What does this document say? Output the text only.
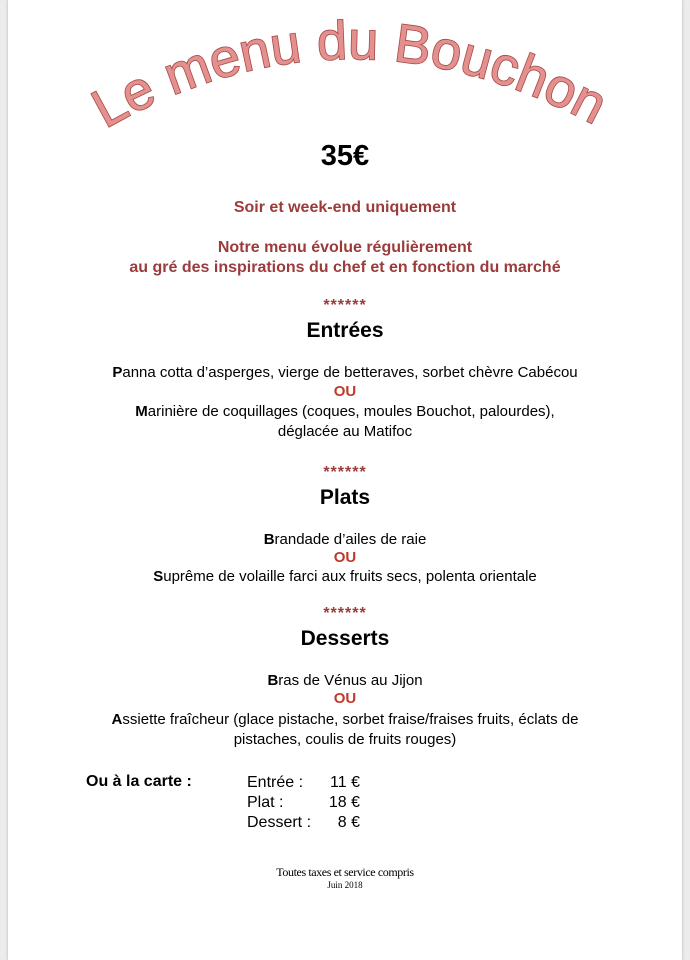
Le menu du Bouchon
35€
Soir et week-end uniquement
Notre menu évolue régulièrement
au gré des inspirations du chef et en fonction du marché
******
Entrées
Panna cotta d’asperges, vierge de betteraves, sorbet chèvre Cabécou
OU
Marinière de coquillages (coques, moules Bouchot, palourdes),
déglacée au Matifoc
******
Plats
Brandade d’ailes de raie
OU
Suprême de volaille farci aux fruits secs, polenta orientale
******
Desserts
Bras de Vénus au Jijon
OU
Assiette fraîcheur (glace pistache, sorbet fraise/fraises fruits, éclats de
pistaches, coulis de fruits rouges)
Ou à la carte :	Entrée :
Plat :
Dessert :
11 €
18 €
8 €
Toutes taxes et service compris
Juin 2018
